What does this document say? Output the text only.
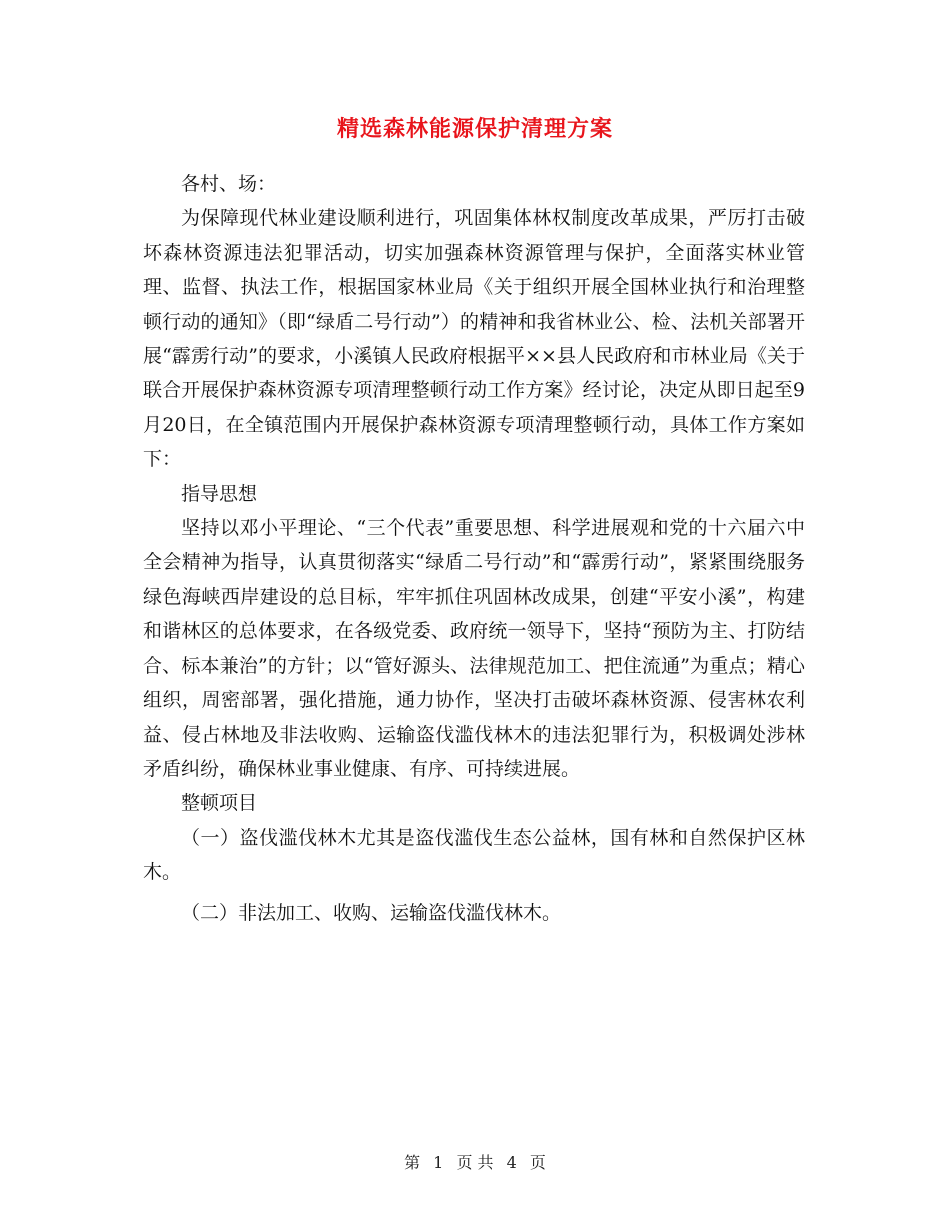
精选森林能源保护清理方案

各村、场：

为保障现代林业建设顺利进行，巩固集体林权制度改革成果，严厉打击破坏森林资源违法犯罪活动，切实加强森林资源管理与保护，全面落实林业管理、监督、执法工作，根据国家林业局《关于组织开展全国林业执行和治理整顿行动的通知》（即“绿盾二号行动”）的精神和我省林业公、检、法机关部署开展“霹雳行动”的要求，小溪镇人民政府根据平××县人民政府和市林业局《关于联合开展保护森林资源专项清理整顿行动工作方案》经讨论，决定从即日起至9月20日，在全镇范围内开展保护森林资源专项清理整顿行动，具体工作方案如下：

指导思想

坚持以邓小平理论、“三个代表”重要思想、科学进展观和党的十六届六中全会精神为指导，认真贯彻落实“绿盾二号行动”和“霹雳行动”，紧紧围绕服务绿色海峡西岸建设的总目标，牢牢抓住巩固林改成果，创建“平安小溪”，构建和谐林区的总体要求，在各级党委、政府统一领导下，坚持“预防为主、打防结合、标本兼治”的方针；以“管好源头、法律规范加工、把住流通”为重点；精心组织，周密部署，强化措施，通力协作，坚决打击破坏森林资源、侵害林农利益、侵占林地及非法收购、运输盗伐滥伐林木的违法犯罪行为，积极调处涉林矛盾纠纷，确保林业事业健康、有序、可持续进展。

整顿项目

（一）盗伐滥伐林木尤其是盗伐滥伐生态公益林，国有林和自然保护区林木。

（二）非法加工、收购、运输盗伐滥伐林木。

第 1 页 共 4 页
